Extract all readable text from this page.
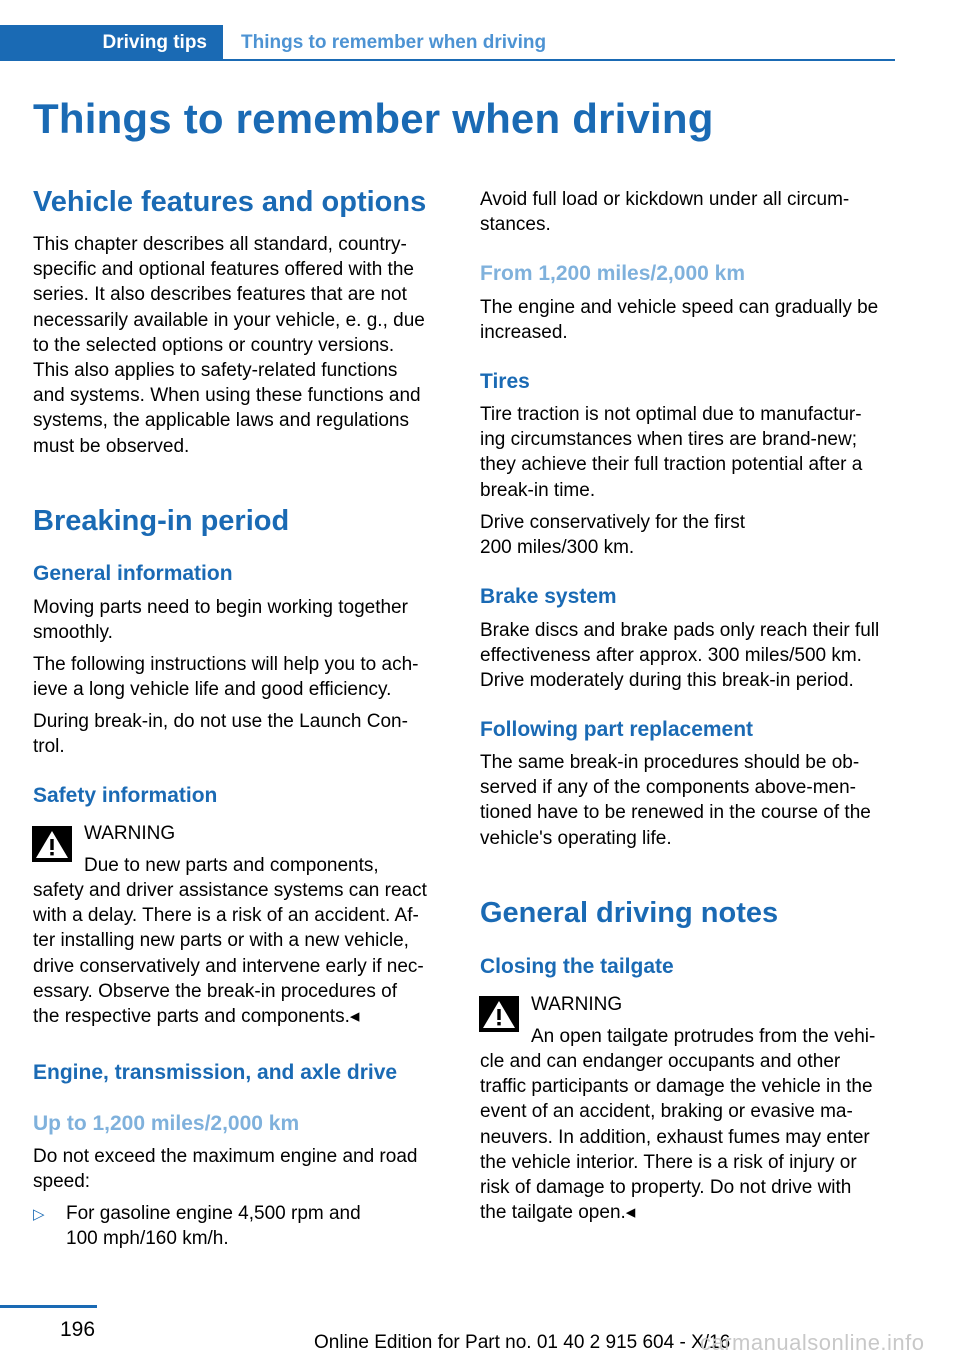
Driving tips	Things to remember when driving
Things to remember when driving
Vehicle features and options
This chapter describes all standard, country-
specific and optional features offered with the
series. It also describes features that are not
necessarily available in your vehicle, e. g., due
to the selected options or country versions.
This also applies to safety-related functions
and systems. When using these functions and
systems, the applicable laws and regulations
must be observed.
Breaking-in period
General information
Moving parts need to begin working together
smoothly.
The following instructions will help you to ach-
ieve a long vehicle life and good efficiency.
During break-in, do not use the Launch Con-
trol.
Safety information
WARNING
Due to new parts and components,
safety and driver assistance systems can react
with a delay. There is a risk of an accident. Af-
ter installing new parts or with a new vehicle,
drive conservatively and intervene early if nec-
essary. Observe the break-in procedures of
the respective parts and components.◂
Engine, transmission, and axle drive
Up to 1,200 miles/2,000 km
Do not exceed the maximum engine and road
speed:
▷ For gasoline engine 4,500 rpm and
100 mph/160 km/h.
Avoid full load or kickdown under all circum-
stances.
From 1,200 miles/2,000 km
The engine and vehicle speed can gradually be
increased.
Tires
Tire traction is not optimal due to manufactur-
ing circumstances when tires are brand-new;
they achieve their full traction potential after a
break-in time.
Drive conservatively for the first
200 miles/300 km.
Brake system
Brake discs and brake pads only reach their full
effectiveness after approx. 300 miles/500 km.
Drive moderately during this break-in period.
Following part replacement
The same break-in procedures should be ob-
served if any of the components above-men-
tioned have to be renewed in the course of the
vehicle's operating life.
General driving notes
Closing the tailgate
WARNING
An open tailgate protrudes from the vehi-
cle and can endanger occupants and other
traffic participants or damage the vehicle in the
event of an accident, braking or evasive ma-
neuvers. In addition, exhaust fumes may enter
the vehicle interior. There is a risk of injury or
risk of damage to property. Do not drive with
the tailgate open.◂
196
Online Edition for Part no. 01 40 2 915 604 - X/16
carmanualsonline.info
